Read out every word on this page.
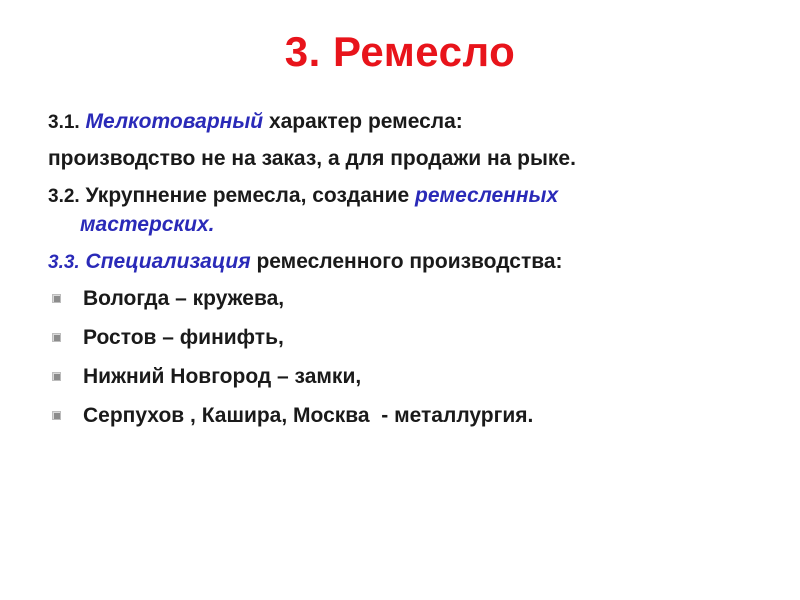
3. Ремесло
3.1. Мелкотоварный характер ремесла:
производство не на заказ, а для продажи на рыке.
3.2. Укрупнение ремесла, создание ремесленных
мастерских.
3.3. Специализация ремесленного производства:
Вологда – кружева,
Ростов – финифть,
Нижний Новгород – замки,
Серпухов , Кашира, Москва  - металлургия.
